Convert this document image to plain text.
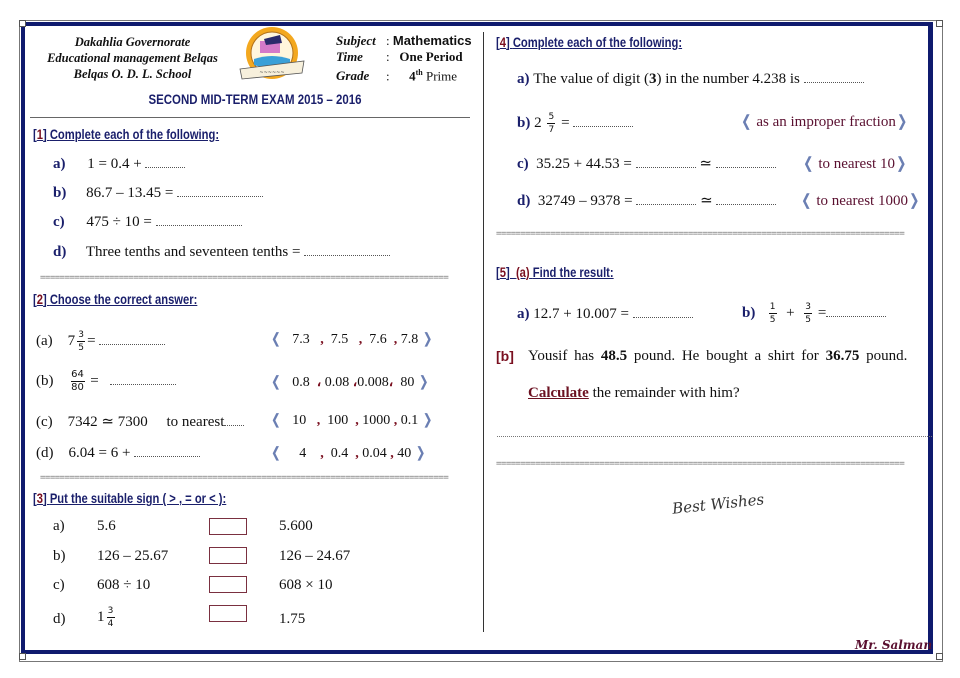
Dakahlia Governorate
Educational management Belqas
Belqas O. D. L. School	~~~~~~
Subject : Mathematics
Time :   One Period
Grade :      4th Prime
SECOND MID-TERM EXAM 2015 – 2016
[1] Complete each of the following:
a) 1 = 0.4 +
b) 86.7 – 13.45 =
c) 475 ÷ 10 =
d) Three tenths and seventeen tenths =
===================================================================================
[2] Choose the correct answer:
(a) $7 \frac{3}{5}$ =	❬ 7.3 , 7.5 , 7.6 , 7.8 ❭
$(b) \frac{64}{80}$ =	❬ 0.8 ، 0.08 ،0.008، 80 ❭
(c) 7342 ≃ 7300 to nearest	❬ 10 , 100 , 1000 , 0.1 ❭
(d) 6.04 = 6 +	❬ 4 , 0.4 , 0.04 , 40 ❭
===================================================================================
[3] Put the suitable sign ( > , = or < ):
a) 5.6	5.600
b) 126 – 25.67	126 – 24.67
c) 608 ÷ 10	608 × 10
d) $1 \frac{3}{4}$	1.75
[4] Complete each of the following:
a) The value of digit (3) in the number 4.238 is
b) $2 \frac{5}{7}$ =	❬ as an improper fraction❭
c) 35.25 + 44.53 =	≃	❬ to nearest 10❭
d) 32749 – 9378 =	≃	❬ to nearest 1000❭
===================================================================================
[5]  (a) Find the result:
a) 12.7 + 10.007 =	$b) \frac{1}{5} + \frac{3}{5}$ =
[b] Yousif has 48.5 pound. He bought a shirt for 36.75 pound.
Calculate the remainder with him?
===================================================================================
Best Wishes
Mr. Salman
